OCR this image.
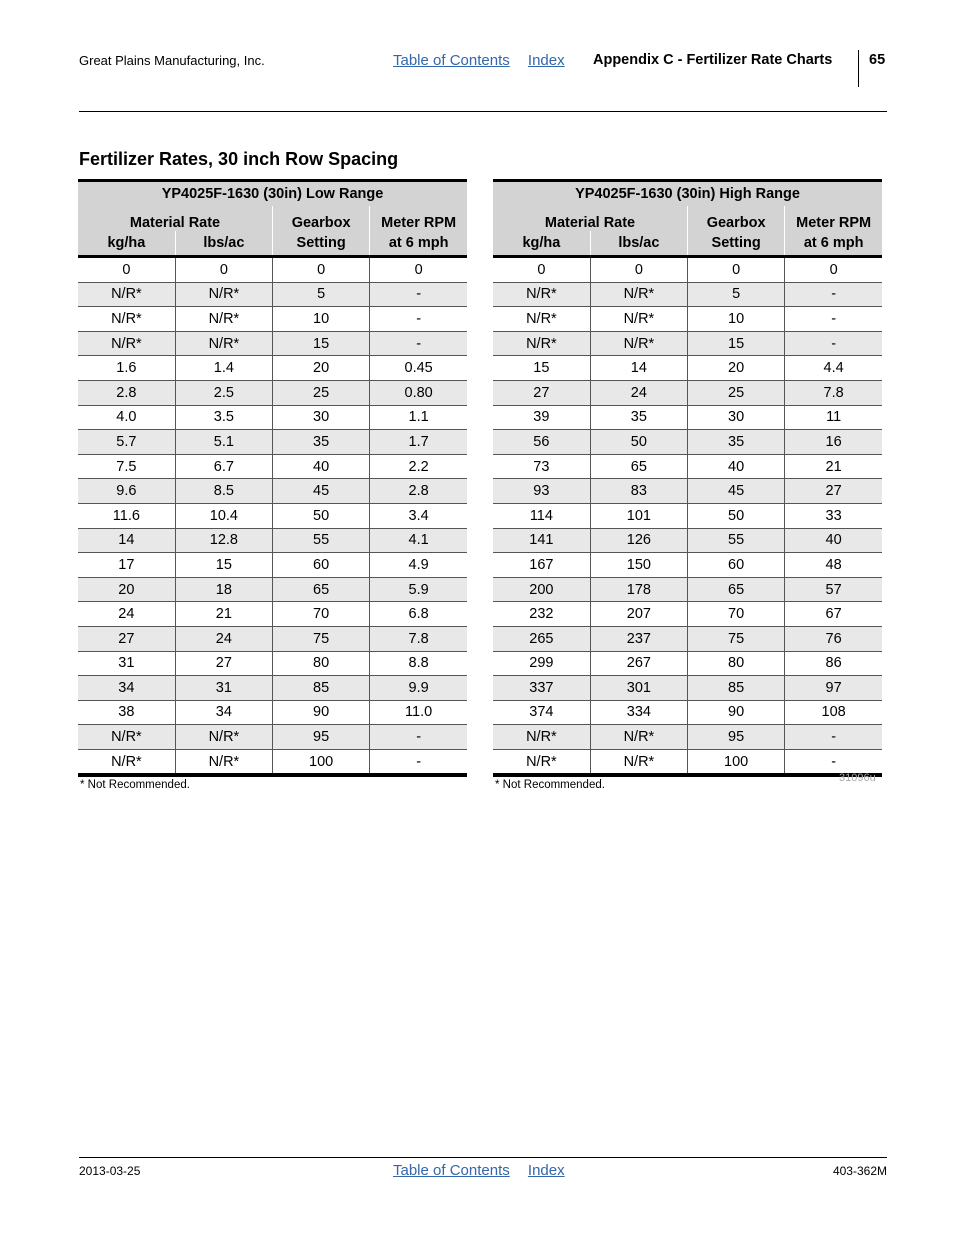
Great Plains Manufacturing, Inc.	Table of Contents Index	Appendix C - Fertilizer Rate Charts	65
Fertilizer Rates, 30 inch Row Spacing
YP4025F-1630 (30in) Low Range			
Material Rate		Gearbox	Meter RPM
kg/ha	lbs/ac	Setting	at 6 mph
0	0	0	0
N/R*	N/R*	5	-
N/R*	N/R*	10	-
N/R*	N/R*	15	-
1.6	1.4	20	0.45
2.8	2.5	25	0.80
4.0	3.5	30	1.1
5.7	5.1	35	1.7
7.5	6.7	40	2.2
9.6	8.5	45	2.8
11.6	10.4	50	3.4
14	12.8	55	4.1
17	15	60	4.9
20	18	65	5.9
24	21	70	6.8
27	24	75	7.8
31	27	80	8.8
34	31	85	9.9
38	34	90	11.0
N/R*	N/R*	95	-
N/R*	N/R*	100	-
* Not Recommended.
YP4025F-1630 (30in) High Range			
Material Rate		Gearbox	Meter RPM
kg/ha	lbs/ac	Setting	at 6 mph
0	0	0	0
N/R*	N/R*	5	-
N/R*	N/R*	10	-
N/R*	N/R*	15	-
15	14	20	4.4
27	24	25	7.8
39	35	30	11
56	50	35	16
73	65	40	21
93	83	45	27
114	101	50	33
141	126	55	40
167	150	60	48
200	178	65	57
232	207	70	67
265	237	75	76
299	267	80	86
337	301	85	97
374	334	90	108
N/R*	N/R*	95	-
N/R*	N/R*	100	-
* Not Recommended.
31096u
2013-03-25	Table of Contents Index	403-362M
